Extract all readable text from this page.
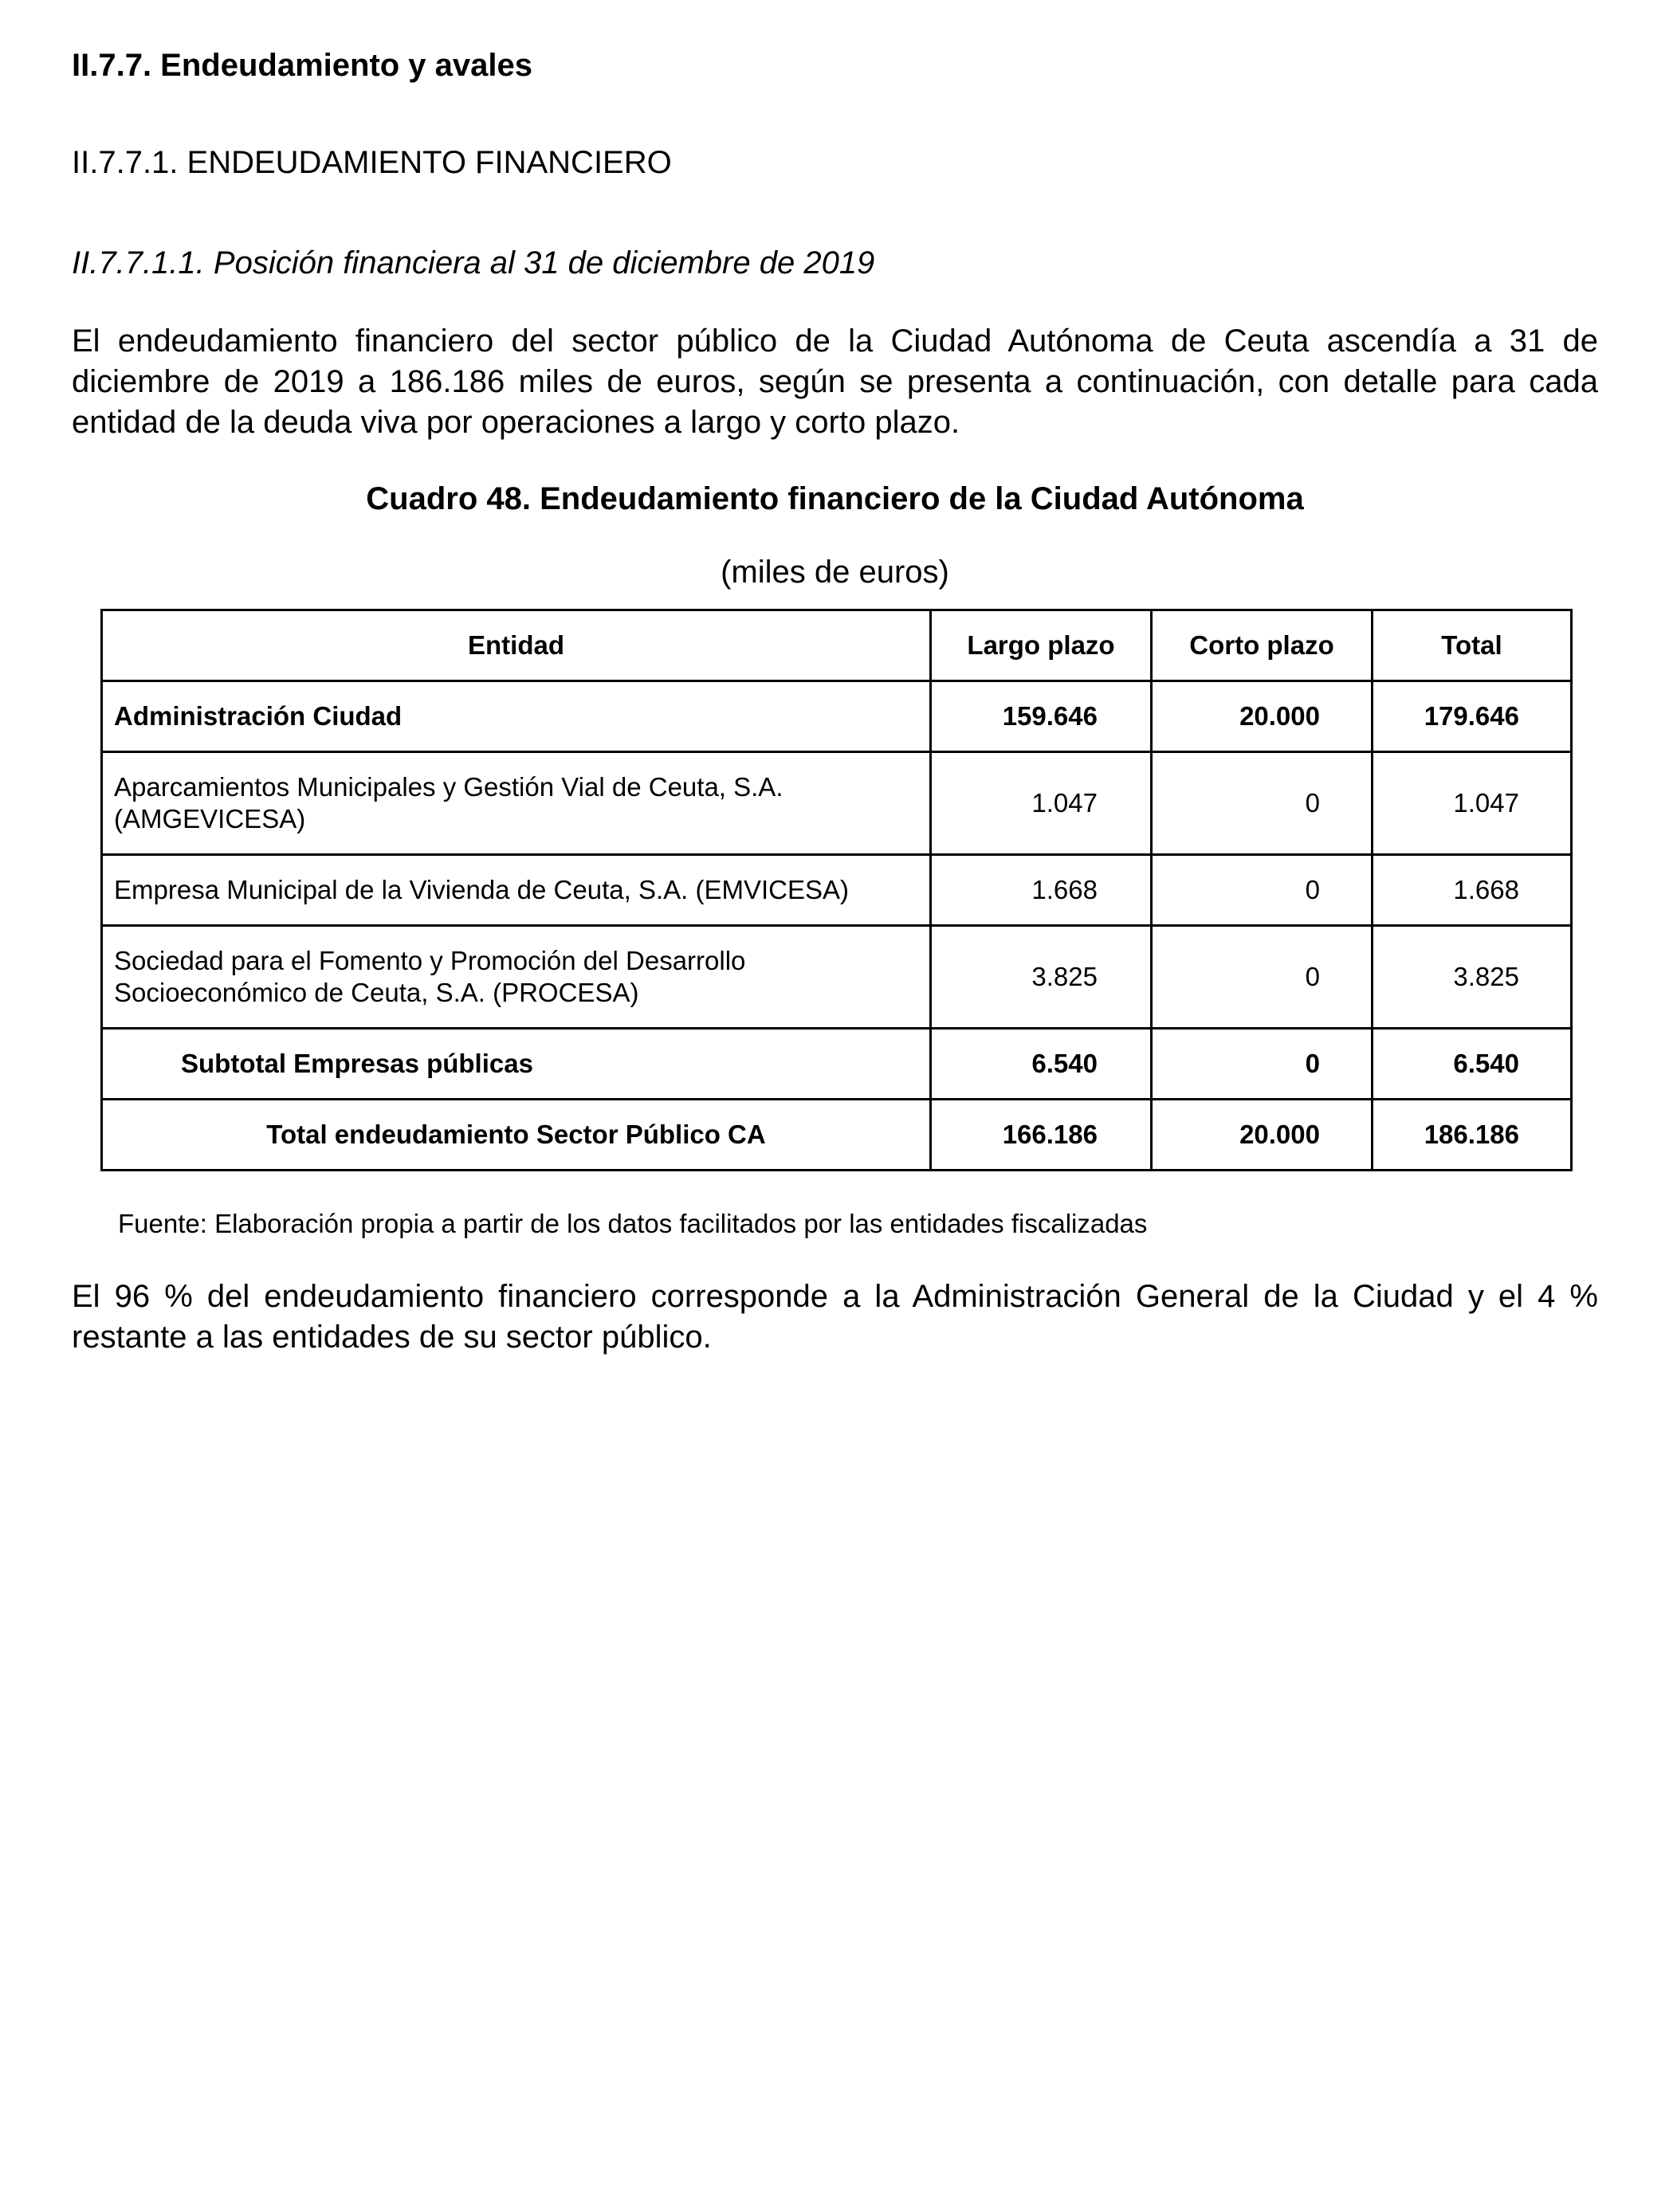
II.7.7. Endeudamiento y avales
II.7.7.1. ENDEUDAMIENTO FINANCIERO
II.7.7.1.1. Posición financiera al 31 de diciembre de 2019

El endeudamiento financiero del sector público de la Ciudad Autónoma de Ceuta ascendía a 31 de diciembre de 2019 a 186.186 miles de euros, según se presenta a continuación, con detalle para cada entidad de la deuda viva por operaciones a largo y corto plazo.

Cuadro 48. Endeudamiento financiero de la Ciudad Autónoma
(miles de euros)
Entidad	Largo plazo	Corto plazo	Total
Administración Ciudad	159.646	20.000	179.646
Aparcamientos Municipales y Gestión Vial de Ceuta, S.A.
(AMGEVICESA)	1.047	0	1.047
Empresa Municipal de la Vivienda de Ceuta, S.A. (EMVICESA)	1.668	0	1.668
Sociedad para el Fomento y Promoción del Desarrollo
Socioeconómico de Ceuta, S.A. (PROCESA)	3.825	0	3.825
Subtotal Empresas públicas	6.540	0	6.540
Total endeudamiento Sector Público CA	166.186	20.000	186.186
Fuente: Elaboración propia a partir de los datos facilitados por las entidades fiscalizadas

El 96 % del endeudamiento financiero corresponde a la Administración General de la Ciudad y el 4 % restante a las entidades de su sector público.
